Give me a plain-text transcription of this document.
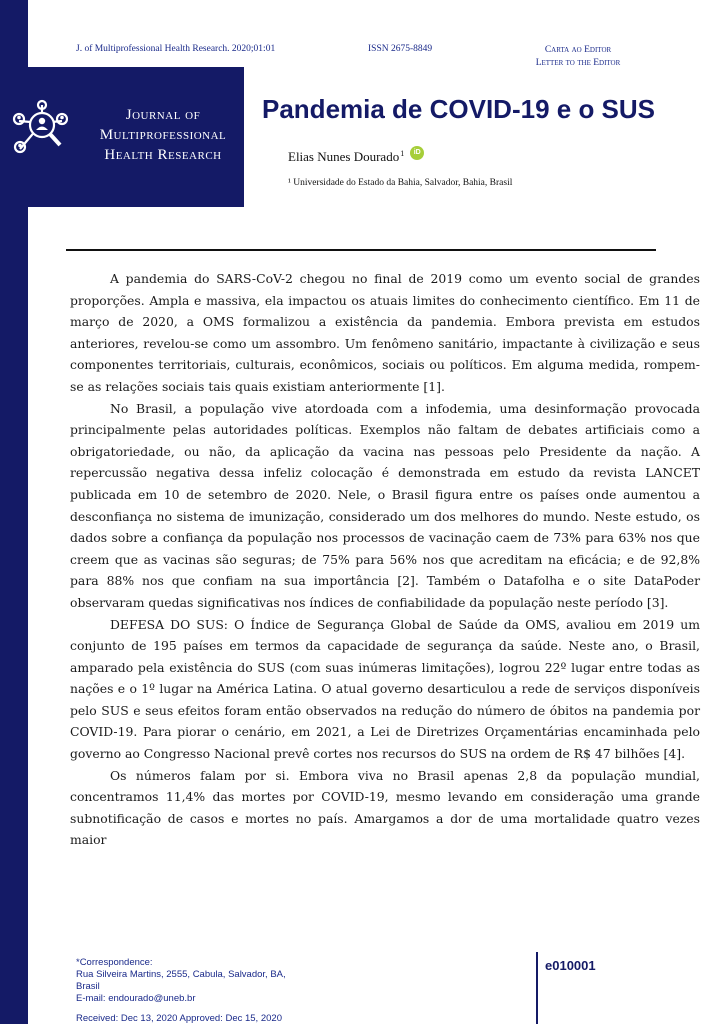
J. of Multiprofessional Health Research. 2020;01:01	ISSN 2675-8849	Carta ao Editor
Letter to the Editor
Journal of
Multiprofessional
Health Research
Pandemia de COVID-19 e o SUS
Elias Nunes Dourado$^1$	iD
¹ Universidade do Estado da Bahia, Salvador, Bahia, Brasil

A pandemia do SARS-CoV-2 chegou no final de 2019 como um evento social de grandes proporções. Ampla e massiva, ela impactou os atuais limites do conhecimento científico. Em 11 de março de 2020, a OMS formalizou a existência da pandemia. Embora prevista em estudos anteriores, revelou-se como um assombro. Um fenômeno sanitário, impactante à civilização e seus componentes territoriais, culturais, econômicos, sociais ou políticos. Em alguma medida, rompem-se as relações sociais tais quais existiam anteriormente [1].

No Brasil, a população vive atordoada com a infodemia, uma desinformação provocada principalmente pelas autoridades políticas. Exemplos não faltam de debates artificiais como a obrigatoriedade, ou não, da aplicação da vacina nas pessoas pelo Presidente da nação. A repercussão negativa dessa infeliz colocação é demonstrada em estudo da revista LANCET publicada em 10 de setembro de 2020. Nele, o Brasil figura entre os países onde aumentou a desconfiança no sistema de imunização, considerado um dos melhores do mundo. Neste estudo, os dados sobre a confiança da população nos processos de vacinação caem de 73% para 63% nos que creem que as vacinas são seguras; de 75% para 56% nos que acreditam na eficácia; e de 92,8% para 88% nos que confiam na sua importância [2]. Também o Datafolha e o site DataPoder observaram quedas significativas nos índices de confiabilidade da população neste período [3].

DEFESA DO SUS: O Índice de Segurança Global de Saúde da OMS, avaliou em 2019 um conjunto de 195 países em termos da capacidade de segurança da saúde. Neste ano, o Brasil, amparado pela existência do SUS (com suas inúmeras limitações), logrou 22º lugar entre todas as nações e o 1º lugar na América Latina. O atual governo desarticulou a rede de serviços disponíveis pelo SUS e seus efeitos foram então observados na redução do número de óbitos na pandemia por COVID-19. Para piorar o cenário, em 2021, a Lei de Diretrizes Orçamentárias encaminhada pelo governo ao Congresso Nacional prevê cortes nos recursos do SUS na ordem de R$ 47 bilhões [4].

Os números falam por si. Embora viva no Brasil apenas 2,8 da população mundial, concentramos 11,4% das mortes por COVID-19, mesmo levando em consideração uma grande subnotificação de casos e mortes no país. Amargamos a dor de uma mortalidade quatro vezes maior

*Correspondence:
Rua Silveira Martins, 2555, Cabula, Salvador, BA,
Brasil
E-mail: endourado@uneb.br
Received: Dec 13, 2020 Approved: Dec 15, 2020
e010001
